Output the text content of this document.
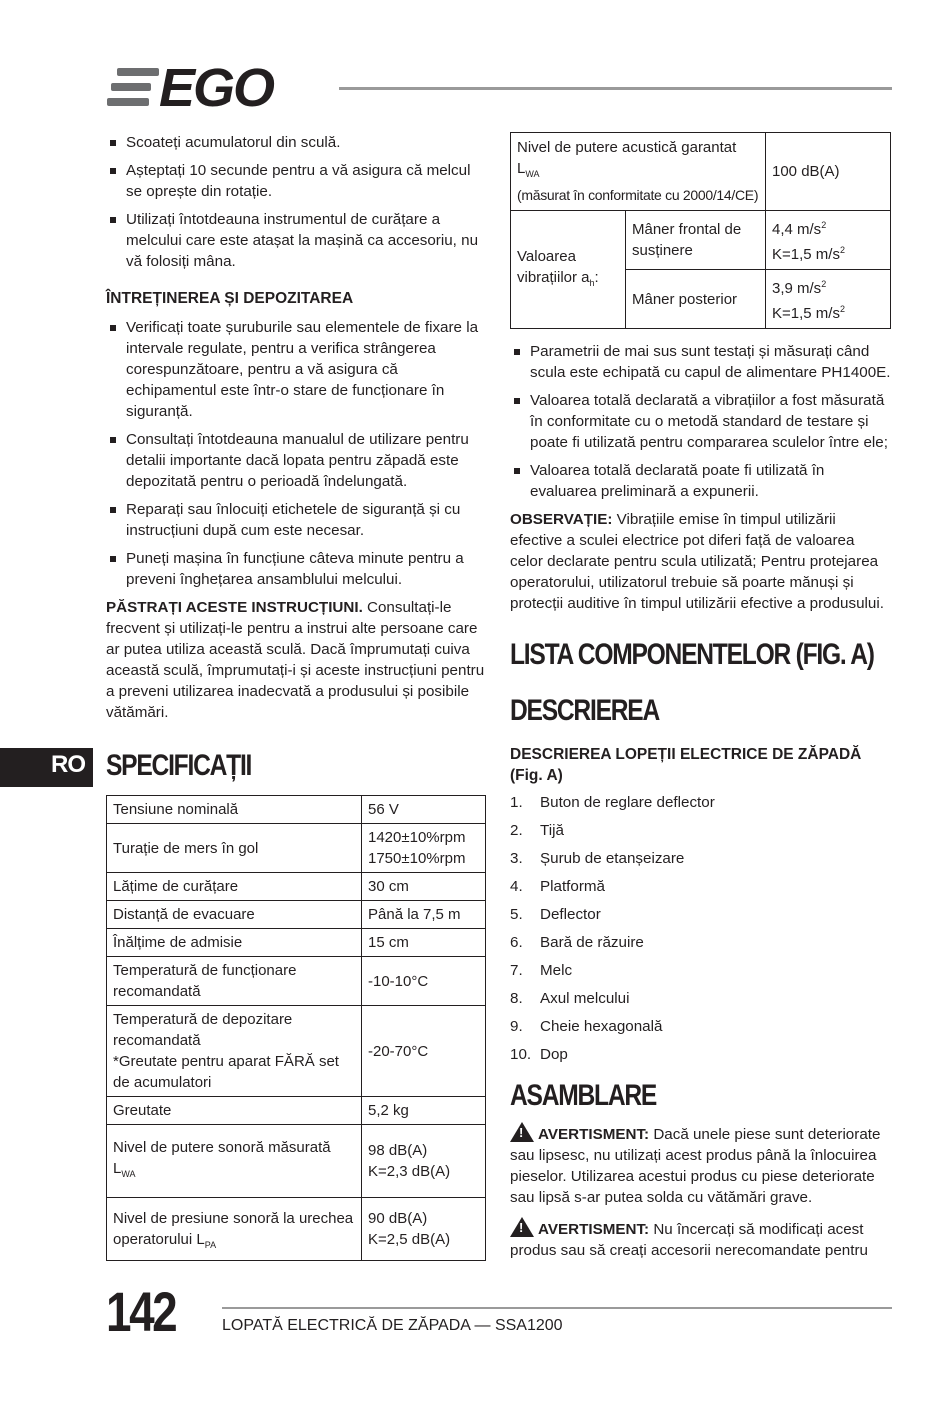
EGO
RO
Scoateți acumulatorul din sculă.
Așteptați 10 secunde pentru a vă asigura că melcul se oprește din rotație.
Utilizați întotdeauna instrumentul de curățare a melcului care este atașat la mașină ca accesoriu, nu vă folosiți mâna.
ÎNTREȚINEREA ȘI DEPOZITAREA
Verificați toate șuruburile sau elementele de fixare la intervale regulate, pentru a verifica strângerea corespunzătoare, pentru a vă asigura că echipamentul este într-o stare de funcționare în siguranță.
Consultați întotdeauna manualul de utilizare pentru detalii importante dacă lopata pentru zăpadă este depozitată pentru o perioadă îndelungată.
Reparați sau înlocuiți etichetele de siguranță și cu instrucțiuni după cum este necesar.
Puneți mașina în funcțiune câteva minute pentru a preveni înghețarea ansamblului melcului.

PĂSTRAȚI ACESTE INSTRUCȚIUNI. Consultați-le frecvent și utilizați-le pentru a instrui alte persoane care ar putea utiliza această sculă. Dacă împrumutați cuiva această sculă, împrumutați-i și aceste instrucțiuni pentru a preveni utilizarea inadecvată a produsului și posibile vătămări.

SPECIFICAȚII
Tensiune nominală	56 V
Turație de mers în gol	1420±10%rpm
1750±10%rpm
Lățime de curățare	30 cm
Distanță de evacuare	Până la 7,5 m
Înălțime de admisie	15 cm
Temperatură de funcționare recomandată	-10-10°C
Temperatură de depozitare recomandată
*Greutate pentru aparat FĂRĂ set de acumulatori	-20-70°C
Greutate	5,2 kg
Nivel de putere sonoră măsurată $L_{WA}$	98 dB(A)
K=2,3 dB(A)
Nivel de presiune sonoră la urechea operatorului $L_{PA}$	90 dB(A)
K=2,5 dB(A)
Nivel de putere acustică garantat $L_{WA}$
(măsurat în conformitate cu 2000/14/CE)		100 dB(A)
Valoarea vibrațiilor $a_h$:	Mâner frontal de susținere	4,4 $m/s^2$
K=1,5 $m/s^2$
	Mâner posterior	3,9 $m/s^2$
K=1,5 $m/s^2$
Parametrii de mai sus sunt testați și măsurați când scula este echipată cu capul de alimentare PH1400E.
Valoarea totală declarată a vibrațiilor a fost măsurată în conformitate cu o metodă standard de testare și poate fi utilizată pentru compararea sculelor între ele;
Valoarea totală declarată poate fi utilizată în evaluarea preliminară a expunerii.

OBSERVAȚIE: Vibrațiile emise în timpul utilizării efective a sculei electrice pot diferi față de valoarea celor declarate pentru scula utilizată; Pentru protejarea operatorului, utilizatorul trebuie să poarte mănuși și protecții auditive în timpul utilizării efective a produsului.

LISTA COMPONENTELOR (FIG. A)
DESCRIEREA
DESCRIEREA LOPEȚII ELECTRICE DE ZĂPADĂ (Fig. A)
1.	Buton de reglare deflector
2.	Tijă
3.	Șurub de etanșeizare
4.	Platformă
5.	Deflector
6.	Bară de răzuire
7.	Melc
8.	Axul melcului
9.	Cheie hexagonală
10. Dop
ASAMBLARE

! AVERTISMENT: Dacă unele piese sunt deteriorate sau lipsesc, nu utilizați acest produs până la înlocuirea pieselor. Utilizarea acestui produs cu piese deteriorate sau lipsă s-ar putea solda cu vătămări grave.

! AVERTISMENT: Nu încercați să modificați acest produs sau să creați accesorii nerecomandate pentru

142	LOPATĂ ELECTRICĂ DE ZĂPADA — SSA1200
